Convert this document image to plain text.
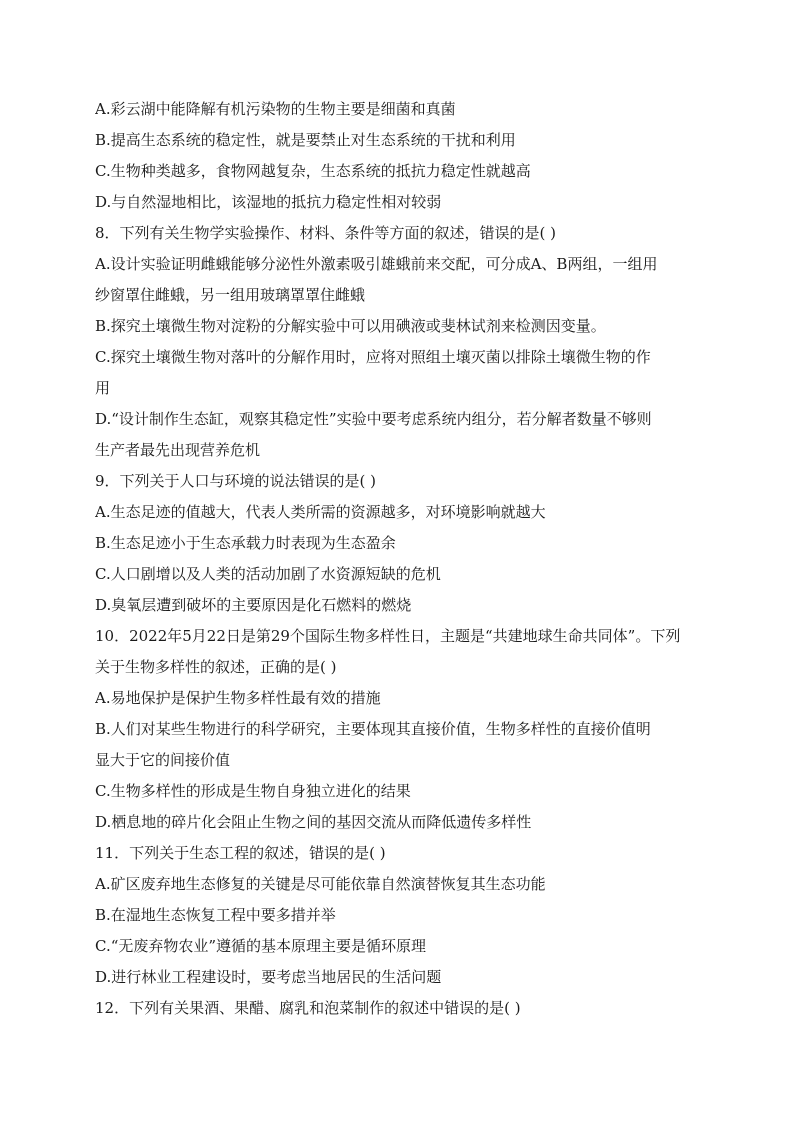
A.彩云湖中能降解有机污染物的生物主要是细菌和真菌
B.提高生态系统的稳定性，就是要禁止对生态系统的干扰和利用
C.生物种类越多，食物网越复杂，生态系统的抵抗力稳定性就越高
D.与自然湿地相比，该湿地的抵抗力稳定性相对较弱
8．下列有关生物学实验操作、材料、条件等方面的叙述，错误的是( )
A.设计实验证明雌蛾能够分泌性外激素吸引雄蛾前来交配，可分成A、B两组，一组用
纱窗罩住雌蛾，另一组用玻璃罩罩住雌蛾
B.探究土壤微生物对淀粉的分解实验中可以用碘液或斐林试剂来检测因变量。
C.探究土壤微生物对落叶的分解作用时，应将对照组土壤灭菌以排除土壤微生物的作
用
D.“设计制作生态缸，观察其稳定性”实验中要考虑系统内组分，若分解者数量不够则
生产者最先出现营养危机
9．下列关于人口与环境的说法错误的是( )
A.生态足迹的值越大，代表人类所需的资源越多，对环境影响就越大
B.生态足迹小于生态承载力时表现为生态盈余
C.人口剧增以及人类的活动加剧了水资源短缺的危机
D.臭氧层遭到破坏的主要原因是化石燃料的燃烧
10．2022年5月22日是第29个国际生物多样性日，主题是“共建地球生命共同体”。下列
关于生物多样性的叙述，正确的是( )
A.易地保护是保护生物多样性最有效的措施
B.人们对某些生物进行的科学研究，主要体现其直接价值，生物多样性的直接价值明
显大于它的间接价值
C.生物多样性的形成是生物自身独立进化的结果
D.栖息地的碎片化会阻止生物之间的基因交流从而降低遗传多样性
11．下列关于生态工程的叙述，错误的是( )
A.矿区废弃地生态修复的关键是尽可能依靠自然演替恢复其生态功能
B.在湿地生态恢复工程中要多措并举
C.“无废弃物农业”遵循的基本原理主要是循环原理
D.进行林业工程建设时，要考虑当地居民的生活问题
12．下列有关果酒、果醋、腐乳和泡菜制作的叙述中错误的是( )
